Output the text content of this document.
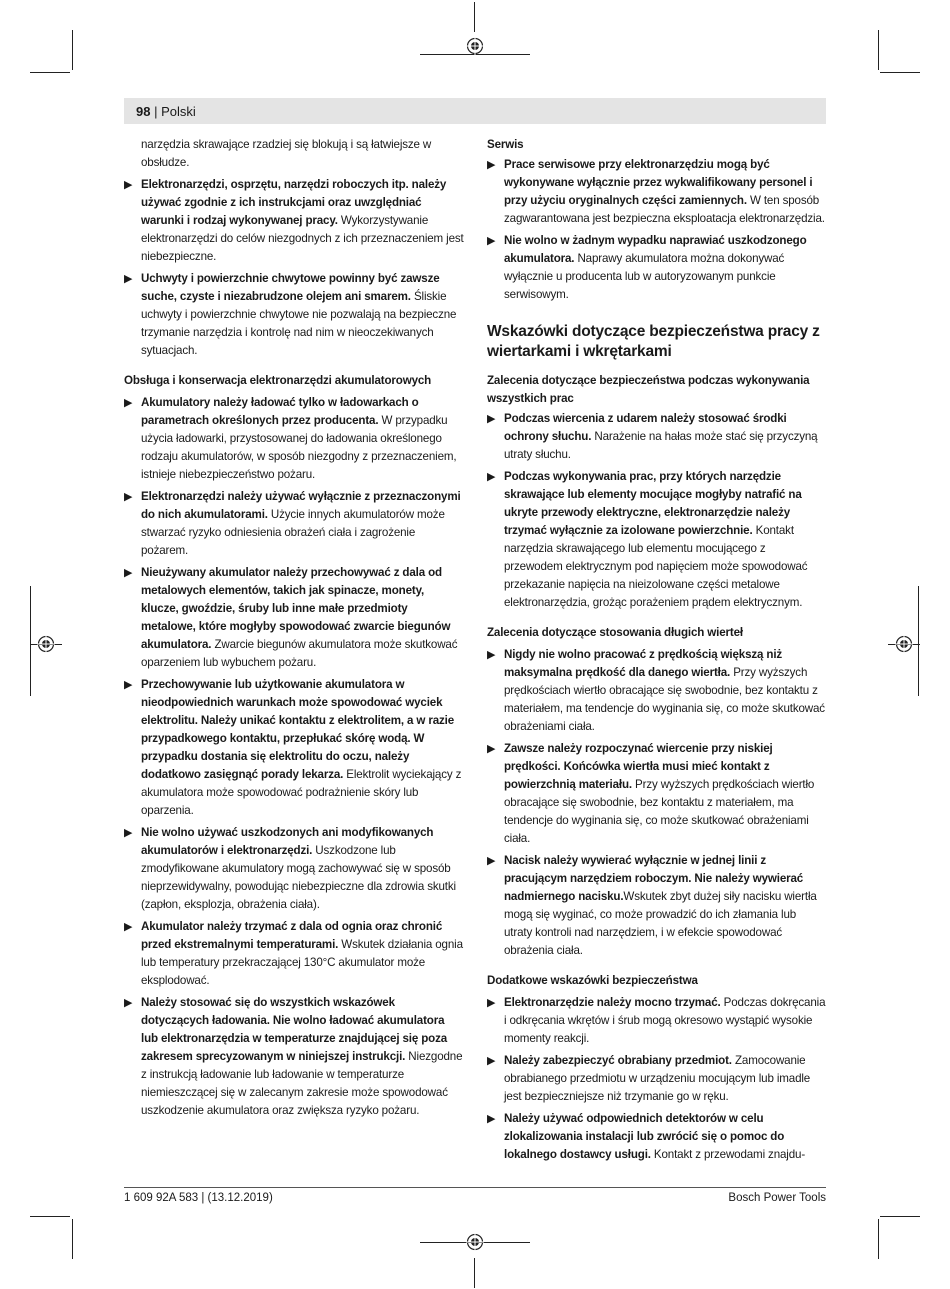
98 | Polski

narzędzia skrawające rzadziej się blokują i są łatwiejsze w obsłudze.

▶ Elektronarzędzi, osprzętu, narzędzi roboczych itp. należy używać zgodnie z ich instrukcjami oraz uwzględniać warunki i rodzaj wykonywanej pracy. Wykorzystywanie elektronarzędzi do celów niezgodnych z ich przeznaczeniem jest niebezpieczne.
▶ Uchwyty i powierzchnie chwytowe powinny być zawsze suche, czyste i niezabrudzone olejem ani smarem. Śliskie uchwyty i powierzchnie chwytowe nie pozwalają na bezpieczne trzymanie narzędzia i kontrolę nad nim w nieoczekiwanych sytuacjach.
Obsługa i konserwacja elektronarzędzi akumulatorowych
▶ Akumulatory należy ładować tylko w ładowarkach o parametrach określonych przez producenta. W przypadku użycia ładowarki, przystosowanej do ładowania określonego rodzaju akumulatorów, w sposób niezgodny z przeznaczeniem, istnieje niebezpieczeństwo pożaru.
▶ Elektronarzędzi należy używać wyłącznie z przeznaczonymi do nich akumulatorami. Użycie innych akumulatorów może stwarzać ryzyko odniesienia obrażeń ciała i zagrożenie pożarem.
▶ Nieużywany akumulator należy przechowywać z dala od metalowych elementów, takich jak spinacze, monety, klucze, gwoździe, śruby lub inne małe przedmioty metalowe, które mogłyby spowodować zwarcie biegunów akumulatora. Zwarcie biegunów akumulatora może skutkować oparzeniem lub wybuchem pożaru.
▶ Przechowywanie lub użytkowanie akumulatora w nieodpowiednich warunkach może spowodować wyciek elektrolitu. Należy unikać kontaktu z elektrolitem, a w razie przypadkowego kontaktu, przepłukać skórę wodą. W przypadku dostania się elektrolitu do oczu, należy dodatkowo zasięgnąć porady lekarza. Elektrolit wyciekający z akumulatora może spowodować podrażnienie skóry lub oparzenia.
▶ Nie wolno używać uszkodzonych ani modyfikowanych akumulatorów i elektronarzędzi. Uszkodzone lub zmodyfikowane akumulatory mogą zachowywać się w sposób nieprzewidywalny, powodując niebezpieczne dla zdrowia skutki (zapłon, eksplozja, obrażenia ciała).
▶ Akumulator należy trzymać z dala od ognia oraz chronić przed ekstremalnymi temperaturami. Wskutek działania ognia lub temperatury przekraczającej 130°C akumulator może eksplodować.
▶ Należy stosować się do wszystkich wskazówek dotyczących ładowania. Nie wolno ładować akumulatora lub elektronarzędzia w temperaturze znajdującej się poza zakresem sprecyzowanym w niniejszej instrukcji. Niezgodne z instrukcją ładowanie lub ładowanie w temperaturze niemieszczącej się w zalecanym zakresie może spowodować uszkodzenie akumulatora oraz zwiększa ryzyko pożaru.
Serwis
▶ Prace serwisowe przy elektronarzędziu mogą być wykonywane wyłącznie przez wykwalifikowany personel i przy użyciu oryginalnych części zamiennych. W ten sposób zagwarantowana jest bezpieczna eksploatacja elektronarzędzia.
▶ Nie wolno w żadnym wypadku naprawiać uszkodzonego akumulatora. Naprawy akumulatora można dokonywać wyłącznie u producenta lub w autoryzowanym punkcie serwisowym.
Wskazówki dotyczące bezpieczeństwa pracy z wiertarkami i wkrętarkami
Zalecenia dotyczące bezpieczeństwa podczas wykonywania wszystkich prac
▶ Podczas wiercenia z udarem należy stosować środki ochrony słuchu. Narażenie na hałas może stać się przyczyną utraty słuchu.
▶ Podczas wykonywania prac, przy których narzędzie skrawające lub elementy mocujące mogłyby natrafić na ukryte przewody elektryczne, elektronarzędzie należy trzymać wyłącznie za izolowane powierzchnie. Kontakt narzędzia skrawającego lub elementu mocującego z przewodem elektrycznym pod napięciem może spowodować przekazanie napięcia na nieizolowane części metalowe elektronarzędzia, grożąc porażeniem prądem elektrycznym.
Zalecenia dotyczące stosowania długich wierteł
▶ Nigdy nie wolno pracować z prędkością większą niż maksymalna prędkość dla danego wiertła. Przy wyższych prędkościach wiertło obracające się swobodnie, bez kontaktu z materiałem, ma tendencje do wyginania się, co może skutkować obrażeniami ciała.
▶ Zawsze należy rozpoczynać wiercenie przy niskiej prędkości. Końcówka wiertła musi mieć kontakt z powierzchnią materiału. Przy wyższych prędkościach wiertło obracające się swobodnie, bez kontaktu z materiałem, ma tendencje do wyginania się, co może skutkować obrażeniami ciała.
▶ Nacisk należy wywierać wyłącznie w jednej linii z pracującym narzędziem roboczym. Nie należy wywierać nadmiernego nacisku.Wskutek zbyt dużej siły nacisku wiertła mogą się wyginać, co może prowadzić do ich złamania lub utraty kontroli nad narzędziem, i w efekcie spowodować obrażenia ciała.
Dodatkowe wskazówki bezpieczeństwa
▶ Elektronarzędzie należy mocno trzymać. Podczas dokręcania i odkręcania wkrętów i śrub mogą okresowo wystąpić wysokie momenty reakcji.
▶ Należy zabezpieczyć obrabiany przedmiot. Zamocowanie obrabianego przedmiotu w urządzeniu mocującym lub imadle jest bezpieczniejsze niż trzymanie go w ręku.
▶ Należy używać odpowiednich detektorów w celu zlokalizowania instalacji lub zwrócić się o pomoc do lokalnego dostawcy usługi. Kontakt z przewodami znajdu-
1 609 92A 583 | (13.12.2019)	Bosch Power Tools
